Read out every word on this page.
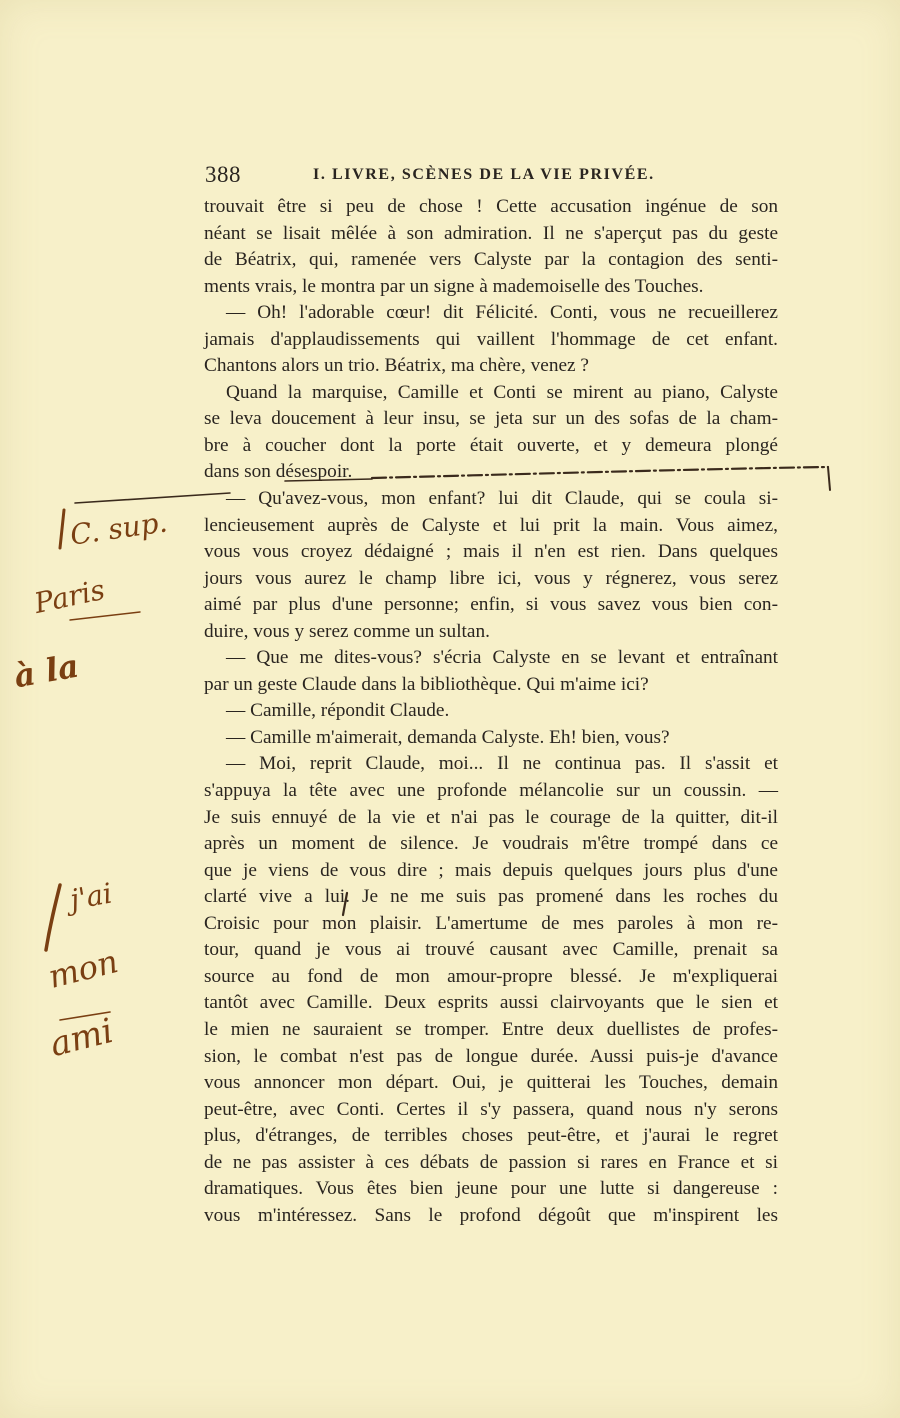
388	I. LIVRE, SCÈNES DE LA VIE PRIVÉE.
trouvait être si peu de chose ! Cette accusation ingénue de son
néant se lisait mêlée à son admiration. Il ne s'aperçut pas du geste
de Béatrix, qui, ramenée vers Calyste par la contagion des senti-
ments vrais, le montra par un signe à mademoiselle des Touches.
— Oh! l'adorable cœur! dit Félicité. Conti, vous ne recueillerez
jamais d'applaudissements qui vaillent l'hommage de cet enfant.
Chantons alors un trio. Béatrix, ma chère, venez ?
Quand la marquise, Camille et Conti se mirent au piano, Calyste
se leva doucement à leur insu, se jeta sur un des sofas de la cham-
bre à coucher dont la porte était ouverte, et y demeura plongé
dans son désespoir.
— Qu'avez-vous, mon enfant? lui dit Claude, qui se coula si-
lencieusement auprès de Calyste et lui prit la main. Vous aimez,
vous vous croyez dédaigné ; mais il n'en est rien. Dans quelques
jours vous aurez le champ libre ici, vous y régnerez, vous serez
aimé par plus d'une personne; enfin, si vous savez vous bien con-
duire, vous y serez comme un sultan.
— Que me dites-vous? s'écria Calyste en se levant et entraînant
par un geste Claude dans la bibliothèque. Qui m'aime ici?
— Camille, répondit Claude.
— Camille m'aimerait, demanda Calyste. Eh! bien, vous?
— Moi, reprit Claude, moi... Il ne continua pas. Il s'assit et
s'appuya la tête avec une profonde mélancolie sur un coussin. —
Je suis ennuyé de la vie et n'ai pas le courage de la quitter, dit-il
après un moment de silence. Je voudrais m'être trompé dans ce
que je viens de vous dire ; mais depuis quelques jours plus d'une
clarté vive a lui. Je ne me suis pas promené dans les roches du
Croisic pour mon plaisir. L'amertume de mes paroles à mon re-
tour, quand je vous ai trouvé causant avec Camille, prenait sa
source au fond de mon amour-propre blessé. Je m'expliquerai
tantôt avec Camille. Deux esprits aussi clairvoyants que le sien et
le mien ne sauraient se tromper. Entre deux duellistes de profes-
sion, le combat n'est pas de longue durée. Aussi puis-je d'avance
vous annoncer mon départ. Oui, je quitterai les Touches, demain
peut-être, avec Conti. Certes il s'y passera, quand nous n'y serons
plus, d'étranges, de terribles choses peut-être, et j'aurai le regret
de ne pas assister à ces débats de passion si rares en France et si
dramatiques. Vous êtes bien jeune pour une lutte si dangereuse :
vous m'intéressez. Sans le profond dégoût que m'inspirent les
C. sup.
Paris
à la
j'ai
mon
ami
